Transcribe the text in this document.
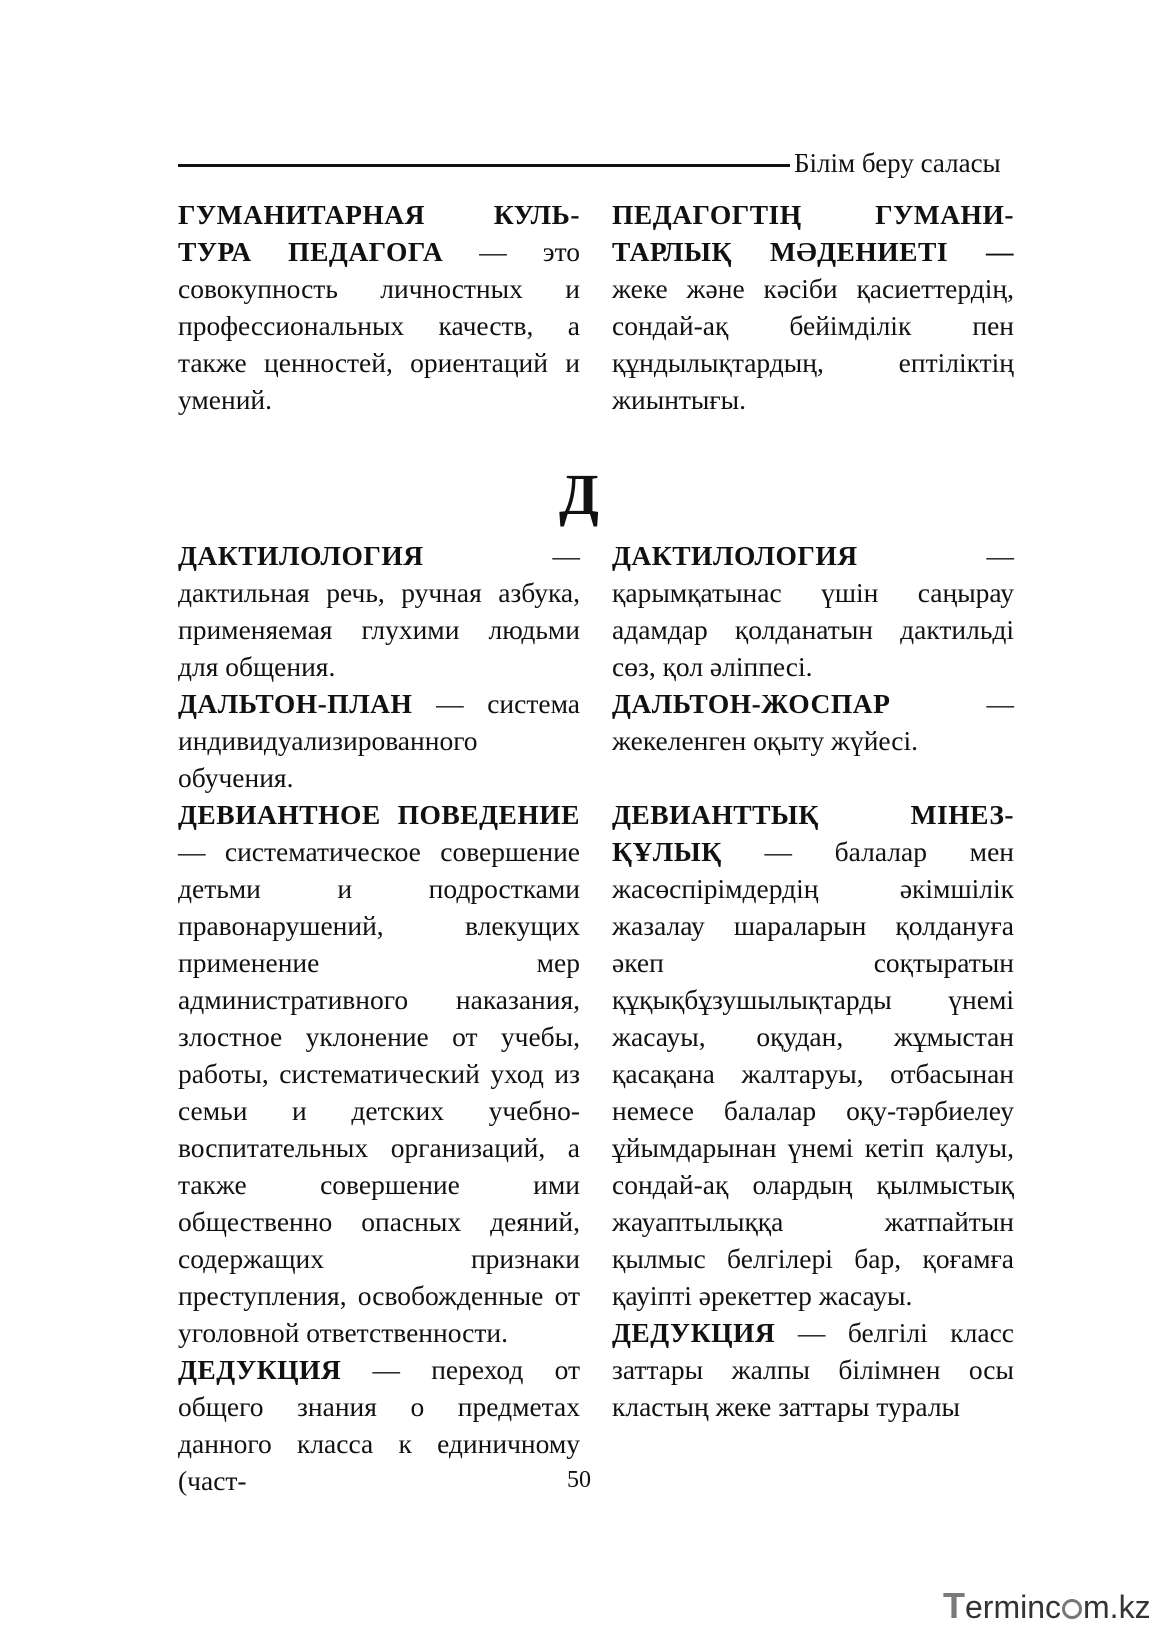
Білім беру саласы

ГУМАНИТАРНАЯ КУЛЬ-ТУРА ПЕДАГОГА — это совокупность личностных и профессиональных качеств, а также ценностей, ориентаций и умений.

ПЕДАГОГТІҢ ГУМАНИ-ТАРЛЫҚ МӘДЕНИЕТІ — жеке және кәсіби қасиеттердің, сондай-ақ бейімділік пен құндылықтардың, ептіліктің жиынтығы.

Д

ДАКТИЛОЛОГИЯ — дактильная речь, ручная азбука, применяемая глухими людьми для общения.

ДАЛЬТОН-ПЛАН — система индивидуализированного обучения.

ДЕВИАНТНОЕ ПОВЕДЕНИЕ — систематическое совершение детьми и подростками правонарушений, влекущих применение мер административного наказания, злостное уклонение от учебы, работы, систематический уход из семьи и детских учебно-воспитательных организаций, а также совершение ими общественно опасных деяний, содержащих признаки преступления, освобожденные от уголовной ответственности.

ДЕДУКЦИЯ — переход от общего знания о предметах данного класса к единичному (част-

ДАКТИЛОЛОГИЯ — қарымқатынас үшін саңырау адамдар қолданатын дактильді сөз, қол әліппесі.

ДАЛЬТОН-ЖОСПАР — жекеленген оқыту жүйесі.

ДЕВИАНТТЫҚ МІНЕЗ-ҚҰЛЫҚ — балалар мен жасөспірімдердің әкімшілік жазалау шараларын қолдануға әкеп соқтыратын құқықбұзушылықтарды үнемі жасауы, оқудан, жұмыстан қасақана жалтаруы, отбасынан немесе балалар оқу-тәрбиелеу ұйымдарынан үнемі кетіп қалуы, сондай-ақ олардың қылмыстық жауаптылыққа жатпайтын қылмыс белгілері бар, қоғамға қауіпті әрекеттер жасауы.

ДЕДУКЦИЯ — белгілі класс заттары жалпы білімнен осы кластың жеке заттары туралы

50
Terminc m.kz
